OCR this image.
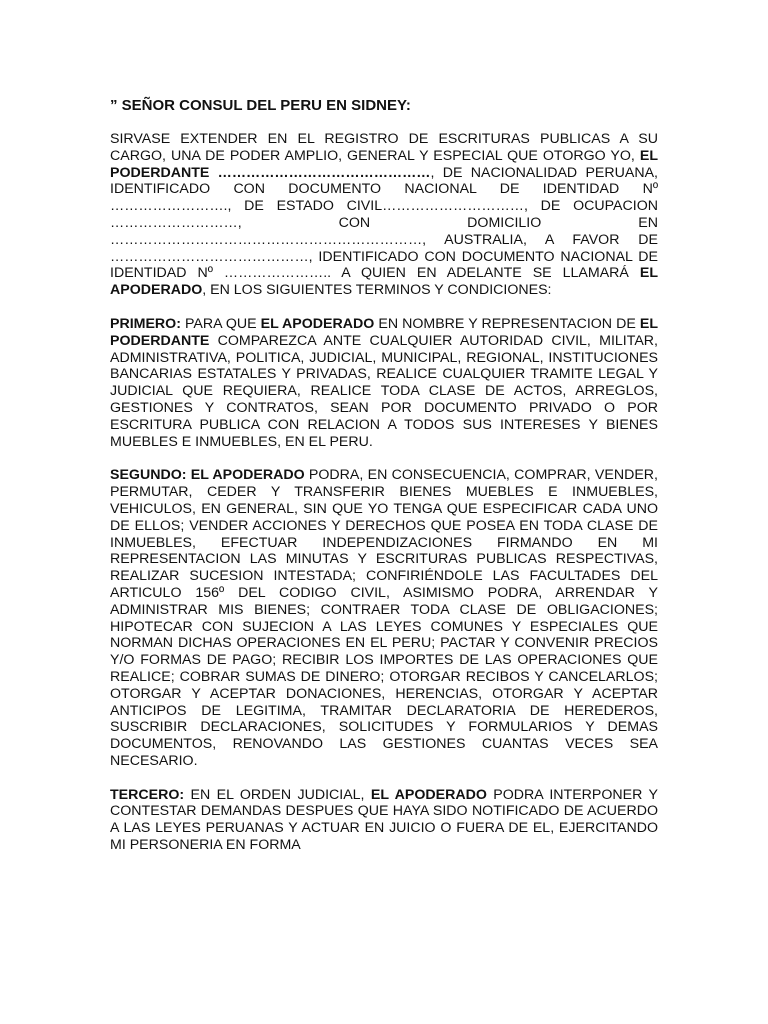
” SEÑOR CONSUL DEL PERU EN SIDNEY:

SIRVASE EXTENDER EN EL REGISTRO DE ESCRITURAS PUBLICAS A SU CARGO, UNA DE PODER AMPLIO, GENERAL Y ESPECIAL QUE OTORGO YO, EL PODERDANTE ………………………………………, DE NACIONALIDAD PERUANA, IDENTIFICADO CON DOCUMENTO NACIONAL DE IDENTIDAD Nº ……………………., DE ESTADO CIVIL…………………………, DE OCUPACION ………………………, CON DOMICILIO EN …………………………………………………………, AUSTRALIA, A FAVOR DE ……………………………………, IDENTIFICADO CON DOCUMENTO NACIONAL DE IDENTIDAD Nº ………………….. A QUIEN EN ADELANTE SE LLAMARÁ EL APODERADO, EN LOS SIGUIENTES TERMINOS Y CONDICIONES:

PRIMERO: PARA QUE EL APODERADO EN NOMBRE Y REPRESENTACION DE EL PODERDANTE COMPAREZCA ANTE CUALQUIER AUTORIDAD CIVIL, MILITAR, ADMINISTRATIVA, POLITICA, JUDICIAL, MUNICIPAL, REGIONAL, INSTITUCIONES BANCARIAS ESTATALES Y PRIVADAS, REALICE CUALQUIER TRAMITE LEGAL Y JUDICIAL QUE REQUIERA, REALICE TODA CLASE DE ACTOS, ARREGLOS, GESTIONES Y CONTRATOS, SEAN POR DOCUMENTO PRIVADO O POR ESCRITURA PUBLICA CON RELACION A TODOS SUS INTERESES Y BIENES MUEBLES E INMUEBLES, EN EL PERU.

SEGUNDO: EL APODERADO PODRA, EN CONSECUENCIA, COMPRAR, VENDER, PERMUTAR, CEDER Y TRANSFERIR BIENES MUEBLES E INMUEBLES, VEHICULOS, EN GENERAL, SIN QUE YO TENGA QUE ESPECIFICAR CADA UNO DE ELLOS; VENDER ACCIONES Y DERECHOS QUE POSEA EN TODA CLASE DE INMUEBLES, EFECTUAR INDEPENDIZACIONES FIRMANDO EN MI REPRESENTACION LAS MINUTAS Y ESCRITURAS PUBLICAS RESPECTIVAS, REALIZAR SUCESION INTESTADA; CONFIRIÉNDOLE LAS FACULTADES DEL ARTICULO 156º DEL CODIGO CIVIL, ASIMISMO PODRA, ARRENDAR Y ADMINISTRAR MIS BIENES; CONTRAER TODA CLASE DE OBLIGACIONES; HIPOTECAR CON SUJECION A LAS LEYES COMUNES Y ESPECIALES QUE NORMAN DICHAS OPERACIONES EN EL PERU; PACTAR Y CONVENIR PRECIOS Y/O FORMAS DE PAGO; RECIBIR LOS IMPORTES DE LAS OPERACIONES QUE REALICE; COBRAR SUMAS DE DINERO; OTORGAR RECIBOS Y CANCELARLOS; OTORGAR Y ACEPTAR DONACIONES, HERENCIAS, OTORGAR Y ACEPTAR ANTICIPOS DE LEGITIMA, TRAMITAR DECLARATORIA DE HEREDEROS, SUSCRIBIR DECLARACIONES, SOLICITUDES Y FORMULARIOS Y DEMAS DOCUMENTOS, RENOVANDO LAS GESTIONES CUANTAS VECES SEA NECESARIO.

TERCERO: EN EL ORDEN JUDICIAL, EL APODERADO PODRA INTERPONER Y CONTESTAR DEMANDAS DESPUES QUE HAYA SIDO NOTIFICADO DE ACUERDO A LAS LEYES PERUANAS Y ACTUAR EN JUICIO O FUERA DE EL, EJERCITANDO MI PERSONERIA EN FORMA
